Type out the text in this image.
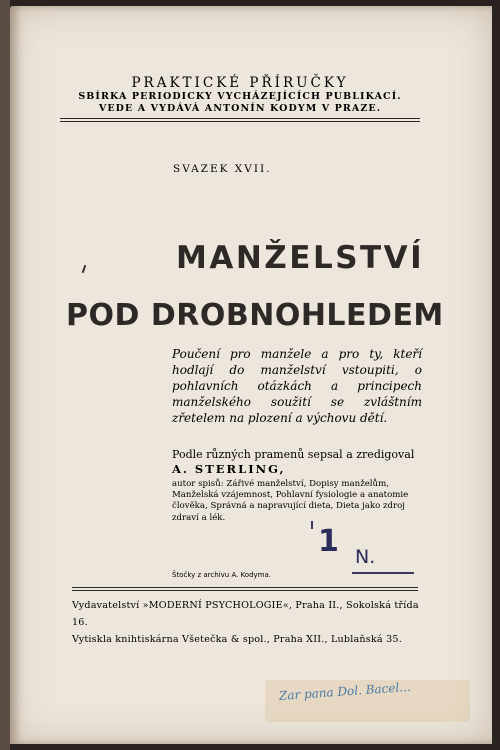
PRAKTICKÉ PŘÍRUČKY
SBÍRKA PERIODICKY VYCHÁZEJÍCÍCH PUBLIKACÍ.
VEDE A VYDÁVÁ ANTONÍN KODYM V PRAZE.
SVAZEK XVII.
MANŽELSTVÍ
POD DROBNOHLEDEM
Poučení pro manžele a pro ty, kteří hodlají do manželství vstoupiti, o pohlavních otázkách a principech manželského soužití se zvláštním zřetelem na plození a výchovu dětí.
Podle různých pramenů sepsal a zredigoval
A. STERLING,
autor spisů: Zářivé manželství, Dopisy manželům, Manželská vzájemnost, Pohlavní fysiologie a anatomie člověka, Správná a napravující dieta, Dieta jako zdroj zdraví a lék.
1 N.
Štočky z archivu A. Kodyma.
Vydavatelství »MODERNÍ PSYCHOLOGIE«, Praha II., Sokolská třída 16.
Vytiskla knihtiskárna Všetečka & spol., Praha XII., Lublaňská 35.
Zar pana Dol. Bacel...
